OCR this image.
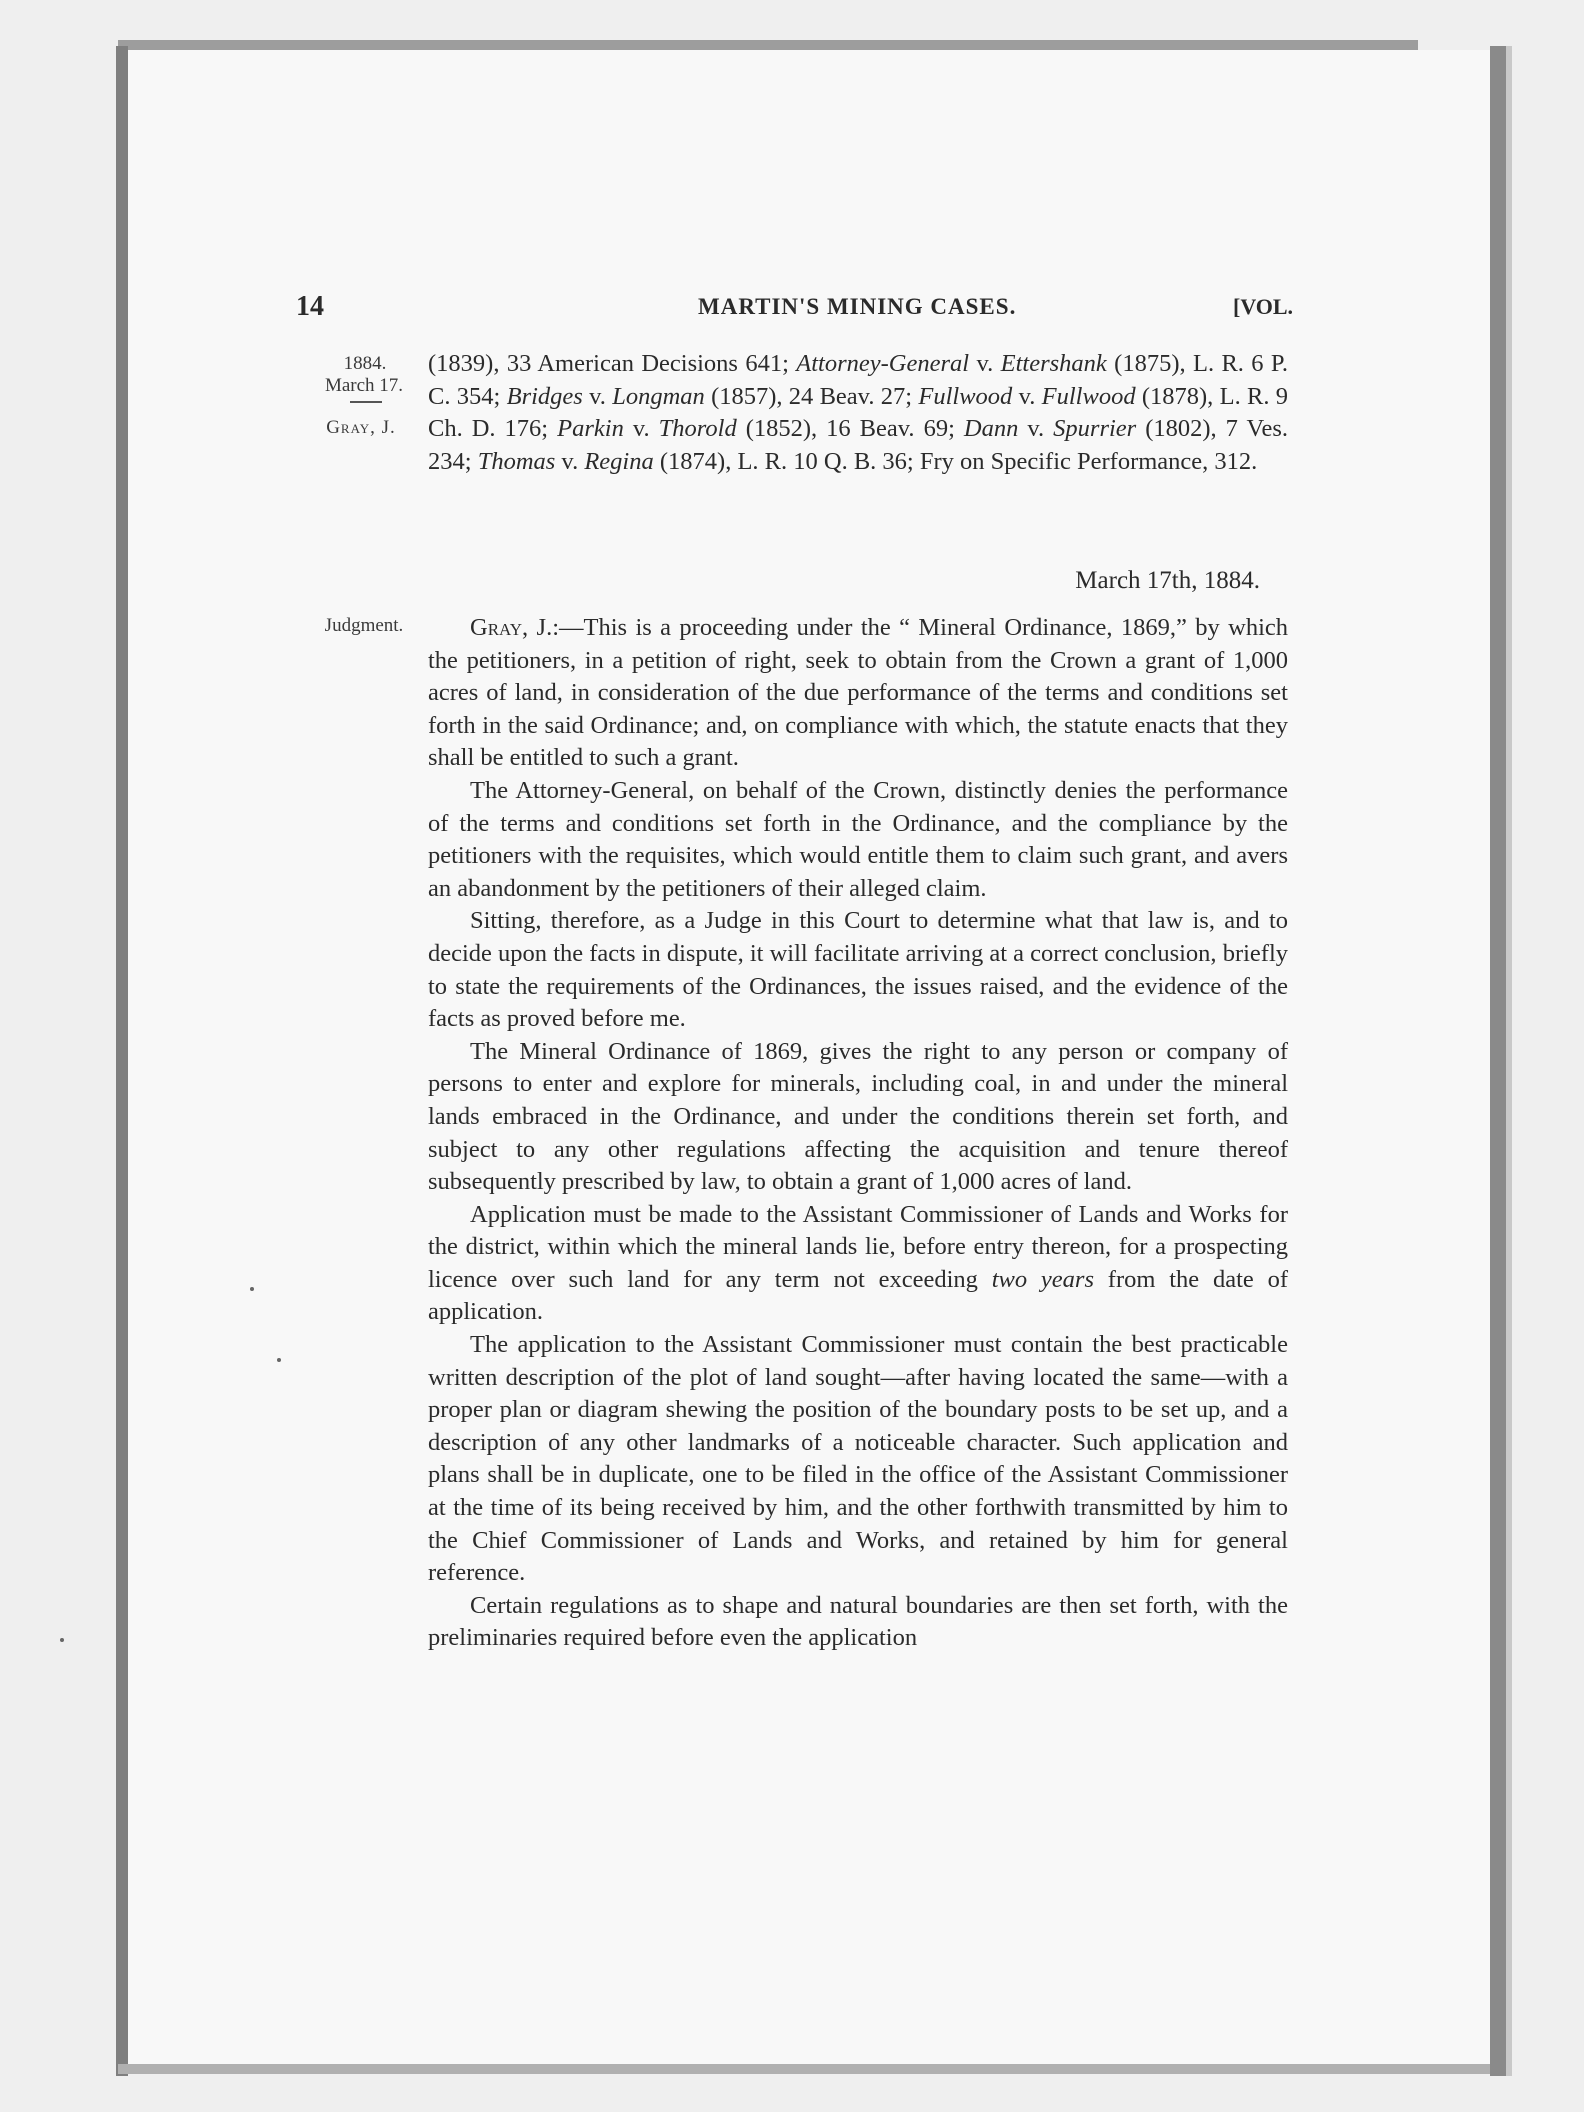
14	MARTIN'S MINING CASES.	[VOL.
1884.
March 17.
Gray, J.
Judgment.
(1839), 33 American Decisions 641; Attorney-General v. Ettershank (1875), L. R. 6 P. C. 354; Bridges v. Longman (1857), 24 Beav. 27; Fullwood v. Fullwood (1878), L. R. 9 Ch. D. 176; Parkin v. Thorold (1852), 16 Beav. 69; Dann v. Spurrier (1802), 7 Ves. 234; Thomas v. Regina (1874), L. R. 10 Q. B. 36; Fry on Specific Performance, 312.
March 17th, 1884.

Gray, J.:—This is a proceeding under the “ Mineral Ordinance, 1869,” by which the petitioners, in a petition of right, seek to obtain from the Crown a grant of 1,000 acres of land, in consideration of the due performance of the terms and conditions set forth in the said Ordinance; and, on compliance with which, the statute enacts that they shall be entitled to such a grant.

The Attorney-General, on behalf of the Crown, distinctly denies the performance of the terms and conditions set forth in the Ordinance, and the compliance by the petitioners with the requisites, which would entitle them to claim such grant, and avers an abandonment by the petitioners of their alleged claim.

Sitting, therefore, as a Judge in this Court to determine what that law is, and to decide upon the facts in dispute, it will facilitate arriving at a correct conclusion, briefly to state the requirements of the Ordinances, the issues raised, and the evidence of the facts as proved before me.

The Mineral Ordinance of 1869, gives the right to any person or company of persons to enter and explore for minerals, including coal, in and under the mineral lands embraced in the Ordinance, and under the conditions therein set forth, and subject to any other regulations affecting the acquisition and tenure thereof subsequently prescribed by law, to obtain a grant of 1,000 acres of land.

Application must be made to the Assistant Commissioner of Lands and Works for the district, within which the mineral lands lie, before entry thereon, for a prospecting licence over such land for any term not exceeding two years from the date of application.

The application to the Assistant Commissioner must contain the best practicable written description of the plot of land sought—after having located the same—with a proper plan or diagram shewing the position of the boundary posts to be set up, and a description of any other landmarks of a noticeable character. Such application and plans shall be in duplicate, one to be filed in the office of the Assistant Commissioner at the time of its being received by him, and the other forthwith transmitted by him to the Chief Commissioner of Lands and Works, and retained by him for general reference.

Certain regulations as to shape and natural boundaries are then set forth, with the preliminaries required before even the application
